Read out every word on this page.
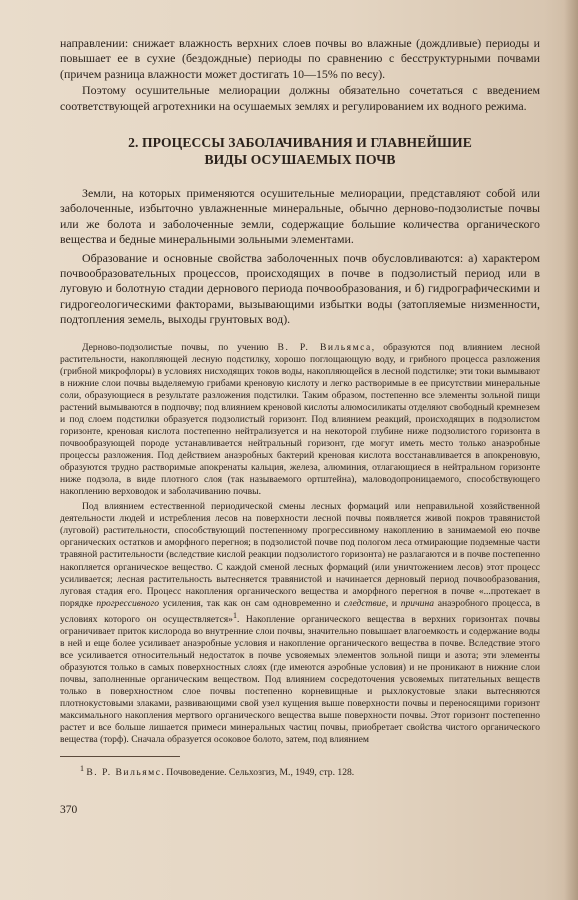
направлении: снижает влажность верхних слоев почвы во влажные (дождливые) периоды и повышает ее в сухие (бездождные) периоды по сравнению с бесструктурными почвами (причем разница влажности может достигать 10—15% по весу).

Поэтому осушительные мелиорации должны обязательно сочетаться с введением соответствующей агротехники на осушаемых землях и регулированием их водного режима.

2. ПРОЦЕССЫ ЗАБОЛАЧИВАНИЯ И ГЛАВНЕЙШИЕ
ВИДЫ ОСУШАЕМЫХ ПОЧВ

Земли, на которых применяются осушительные мелиорации, представляют собой или заболоченные, избыточно увлажненные минеральные, обычно дерново-подзолистые почвы или же болота и заболоченные земли, содержащие большие количества органического вещества и бедные минеральными зольными элементами.

Образование и основные свойства заболоченных почв обусловливаются: а) характером почвообразовательных процессов, происходящих в почве в подзолистый период или в луговую и болотную стадии дернового периода почвообразования, и б) гидрографическими и гидрогеологическими факторами, вызывающими избытки воды (затопляемые низменности, подтопления земель, выходы грунтовых вод).

Дерново-подзолистые почвы, по учению В. Р. Вильямса, образуются под влиянием лесной растительности, накопляющей лесную подстилку, хорошо поглощающую воду, и грибного процесса разложения (грибной микрофлоры) в условиях нисходящих токов воды, накопляющейся в лесной подстилке; эти токи вымывают в нижние слои почвы выделяемую грибами креновую кислоту и легко растворимые в ее присутствии минеральные соли, образующиеся в результате разложения подстилки. Таким образом, постепенно все элементы зольной пищи растений вымываются в подпочву; под влиянием креновой кислоты алюмосиликаты отделяют свободный кремнезем и под слоем подстилки образуется подзолистый горизонт. Под влиянием реакций, происходящих в подзолистом горизонте, креновая кислота постепенно нейтрализуется и на некоторой глубине ниже подзолистого горизонта в почвообразующей породе устанавливается нейтральный горизонт, где могут иметь место только анаэробные процессы разложения. Под действием анаэробных бактерий креновая кислота восстанавливается в апокреновую, образуются трудно растворимые апокренаты кальция, железа, алюминия, отлагающиеся в нейтральном горизонте ниже подзола, в виде плотного слоя (так называемого ортштейна), маловодопроницаемого, способствующего накоплению верховодок и заболачиванию почвы.

Под влиянием естественной периодической смены лесных формаций или неправильной хозяйственной деятельности людей и истребления лесов на поверхности лесной почвы появляется живой покров травянистой (луговой) растительности, способствующий постепенному прогрессивному накоплению в занимаемой ею почве органических остатков и аморфного перегноя; в подзолистой почве под пологом леса отмирающие подземные части травяной растительности (вследствие кислой реакции подзолистого горизонта) не разлагаются и в почве постепенно накопляется органическое вещество. С каждой сменой лесных формаций (или уничтожением лесов) этот процесс усиливается; лесная растительность вытесняется травянистой и начинается дерновый период почвообразования, луговая стадия его. Процесс накопления органического вещества и аморфного перегноя в почве «...протекает в порядке прогрессивного усиления, так как он сам одновременно и следствие, и причина анаэробного процесса, в условиях которого он осуществляется»$^1$. Накопление органического вещества в верхних горизонтах почвы ограничивает приток кислорода во внутренние слои почвы, значительно повышает влагоемкость и содержание воды в ней и еще более усиливает анаэробные условия и накопление органического вещества в почве. Вследствие этого все усиливается относительный недостаток в почве усвояемых элементов зольной пищи и азота; эти элементы образуются только в самых поверхностных слоях (где имеются аэробные условия) и не проникают в нижние слои почвы, заполненные органическим веществом. Под влиянием сосредоточения усвояемых питательных веществ только в поверхностном слое почвы постепенно корневищные и рыхлокустовые злаки вытесняются плотнокустовыми злаками, развивающими свой узел кущения выше поверхности почвы и переносящими горизонт максимального накопления мертвого органического вещества выше поверхности почвы. Этот горизонт постепенно растет и все больше лишается примеси минеральных частиц почвы, приобретает свойства чистого органического вещества (торф). Сначала образуется осоковое болото, затем, под влиянием

$^1$ В. Р. Вильямс. Почвоведение. Сельхозгиз, М., 1949, стр. 128.
370
